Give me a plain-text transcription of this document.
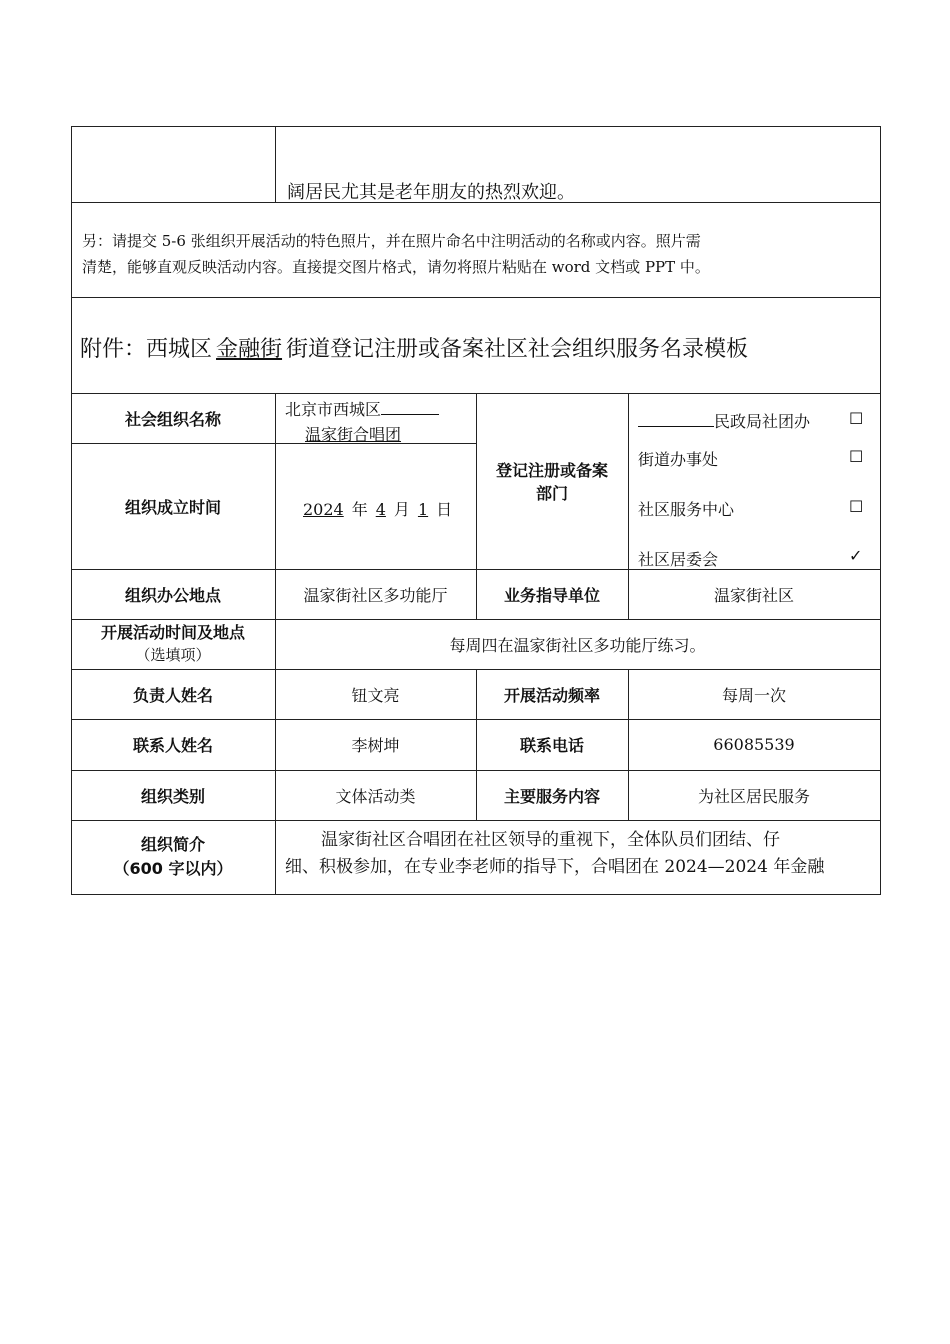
阔居民尤其是老年朋友的热烈欢迎。
另：请提交 5-6 张组织开展活动的特色照片，并在照片命名中注明活动的名称或内容。照片需
清楚，能够直观反映活动内容。直接提交图片格式，请勿将照片粘贴在 word 文档或 PPT 中。
附件：西城区 金融街 街道登记注册或备案社区社会组织服务名录模板
社会组织名称	北京市西城区
温家街合唱团
登记注册或备案
部门
民政局社团办 ☐
街道办事处	☐
社区服务中心	☐
社区居委会	✓
组织成立时间	2024 年 4 月 1 日
组织办公地点	温家街社区多功能厅	业务指导单位	温家街社区
开展活动时间及地点
（选填项）
每周四在温家街社区多功能厅练习。
负责人姓名	钮文亮	开展活动频率	每周一次
联系人姓名	李树坤	联系电话	66085539
组织类别	文体活动类	主要服务内容	为社区居民服务
组织简介
（600 字以内）
温家街社区合唱团在社区领导的重视下，全体队员们团结、仔
细、积极参加，在专业李老师的指导下，合唱团在 2024—2024 年金融
